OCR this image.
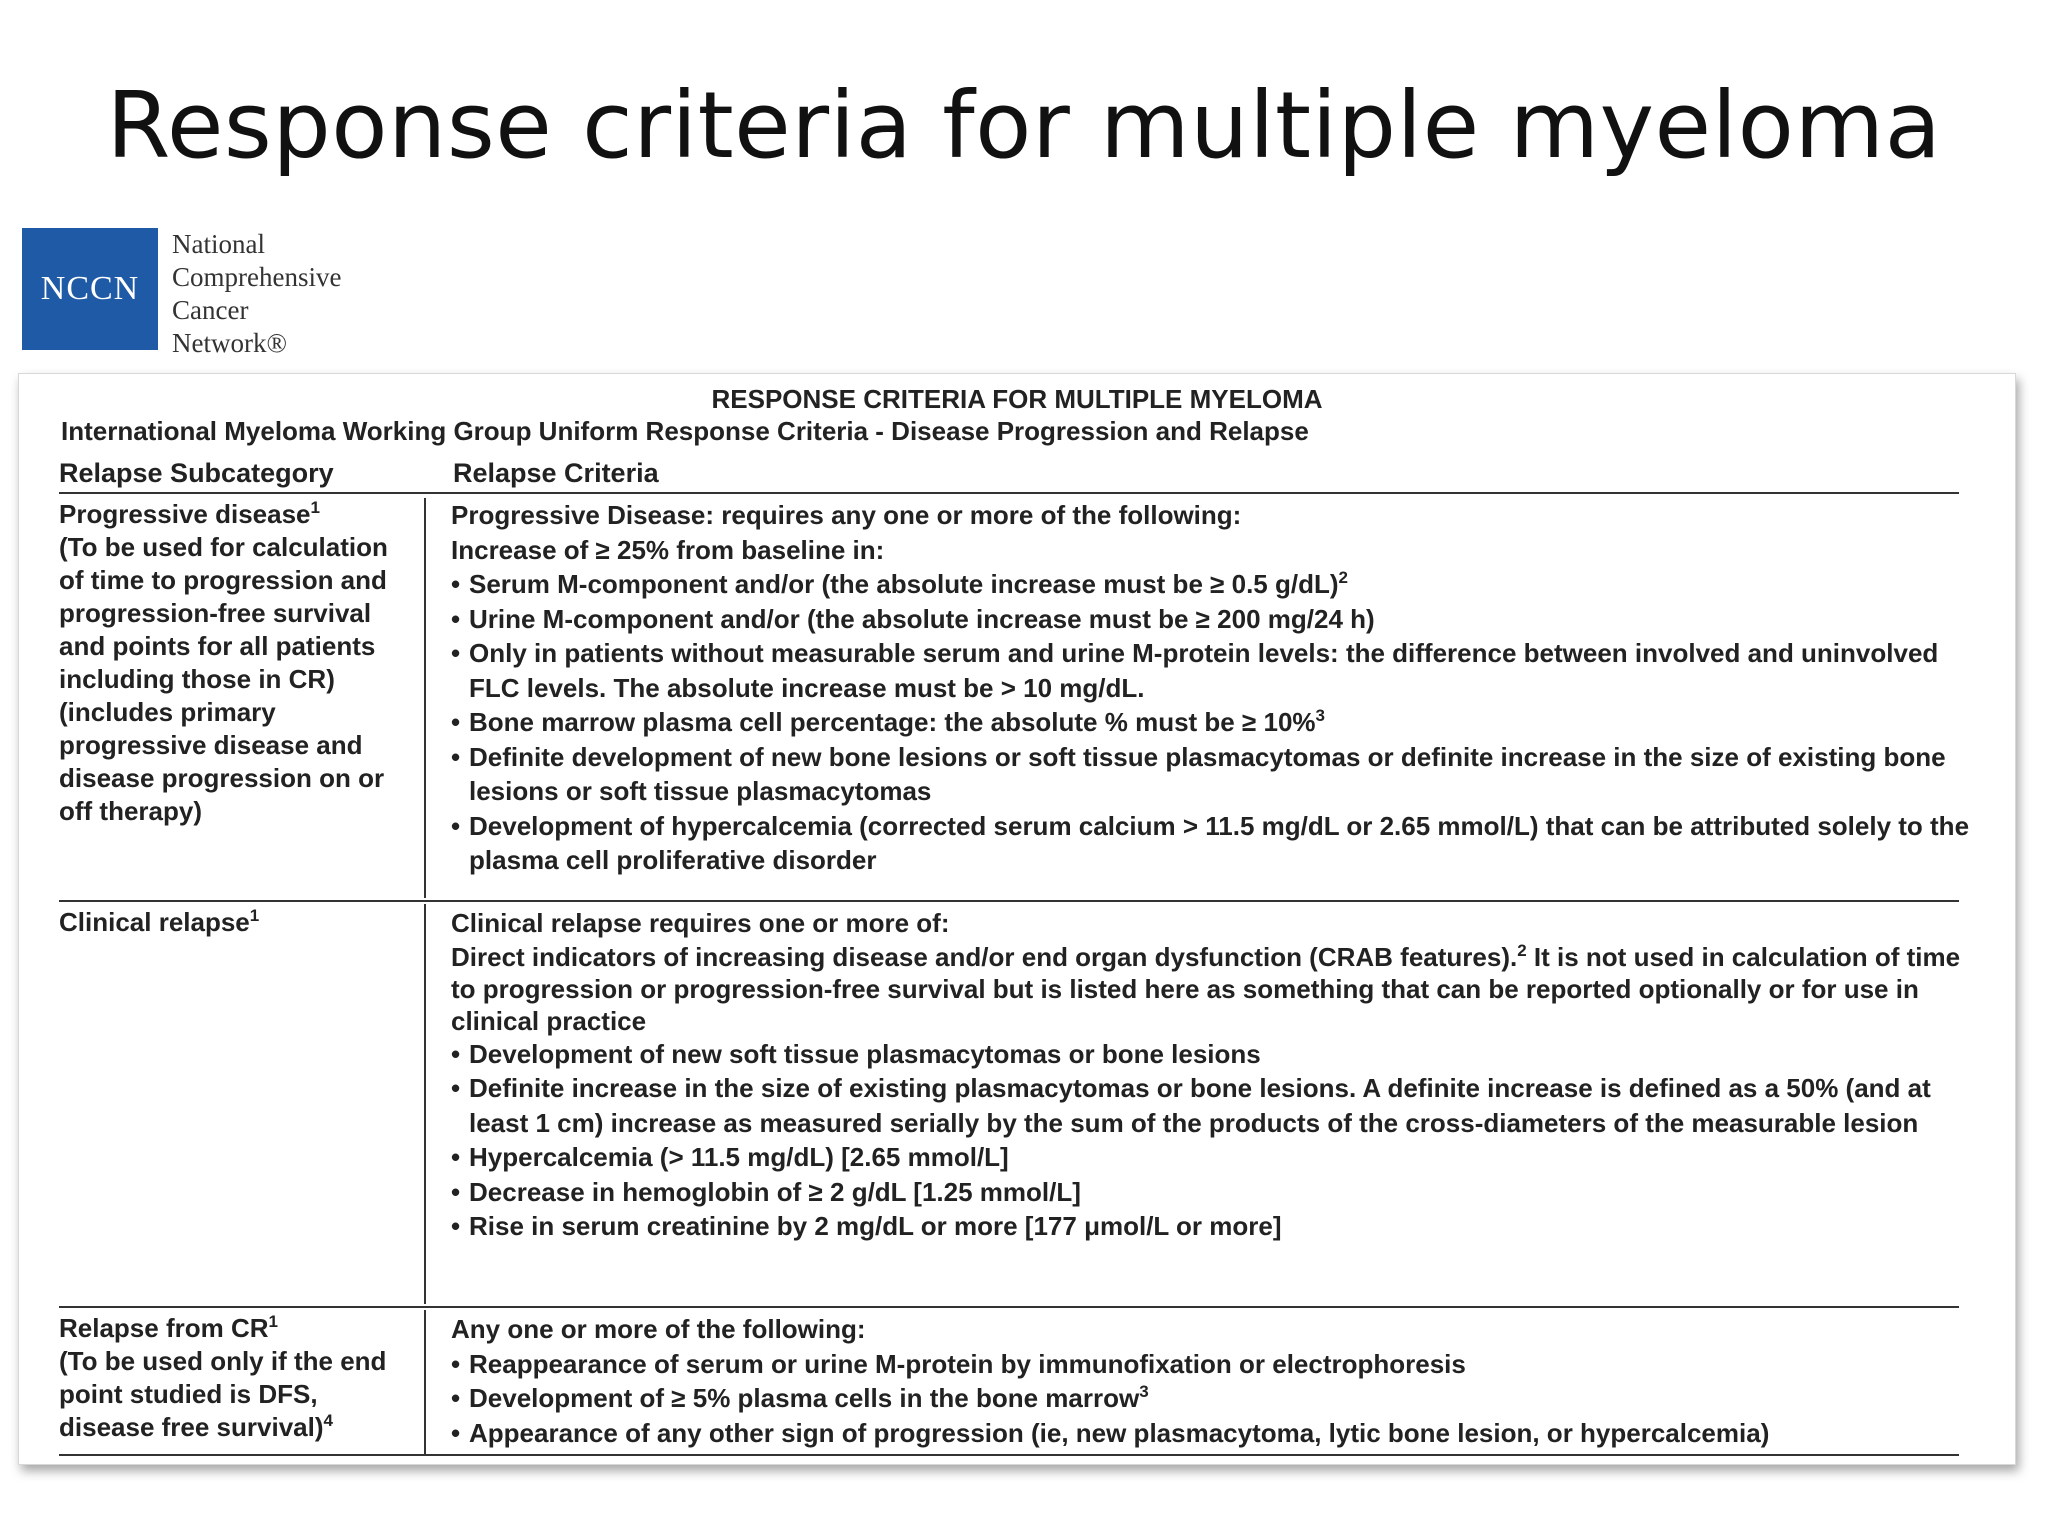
Response criteria for multiple myeloma
NCCN
National
Comprehensive
Cancer
Network®
RESPONSE CRITERIA FOR MULTIPLE MYELOMA
International Myeloma Working Group Uniform Response Criteria - Disease Progression and Relapse
Relapse Subcategory	Relapse Criteria
Progressive disease$^1$
(To be used for calculation of time to progression and progression-free survival and points for all patients including those in CR) (includes primary progressive disease and disease progression on or off therapy)

Progressive Disease: requires any one or more of the following:

Increase of ≥ 25% from baseline in:

• Serum M-component and/or (the absolute increase must be ≥ 0.5 g/dL)$^2$
• Urine M-component and/or (the absolute increase must be ≥ 200 mg/24 h)
• Only in patients without measurable serum and urine M-protein levels: the difference between involved and uninvolved FLC levels. The absolute increase must be > 10 mg/dL.
• Bone marrow plasma cell percentage: the absolute % must be ≥ 10%$^3$
• Definite development of new bone lesions or soft tissue plasmacytomas or definite increase in the size of existing bone lesions or soft tissue plasmacytomas
• Development of hypercalcemia (corrected serum calcium > 11.5 mg/dL or 2.65 mmol/L) that can be attributed solely to the plasma cell proliferative disorder
Clinical relapse$^1$	Clinical relapse requires one or more of:

Direct indicators of increasing disease and/or end organ dysfunction (CRAB features).$^2$ It is not used in calculation of time to progression or progression-free survival but is listed here as something that can be reported optionally or for use in clinical practice

• Development of new soft tissue plasmacytomas or bone lesions
• Definite increase in the size of existing plasmacytomas or bone lesions. A definite increase is defined as a 50% (and at least 1 cm) increase as measured serially by the sum of the products of the cross-diameters of the measurable lesion
• Hypercalcemia (> 11.5 mg/dL) [2.65 mmol/L]
• Decrease in hemoglobin of ≥ 2 g/dL [1.25 mmol/L]
• Rise in serum creatinine by 2 mg/dL or more [177 μmol/L or more]
Relapse from $CR^1$
(To be used only if the end point studied is DFS, disease free survival)$^4$

Any one or more of the following:

• Reappearance of serum or urine M-protein by immunofixation or electrophoresis
• Development of ≥ 5% plasma cells in the bone marrow$^3$
• Appearance of any other sign of progression (ie, new plasmacytoma, lytic bone lesion, or hypercalcemia)
